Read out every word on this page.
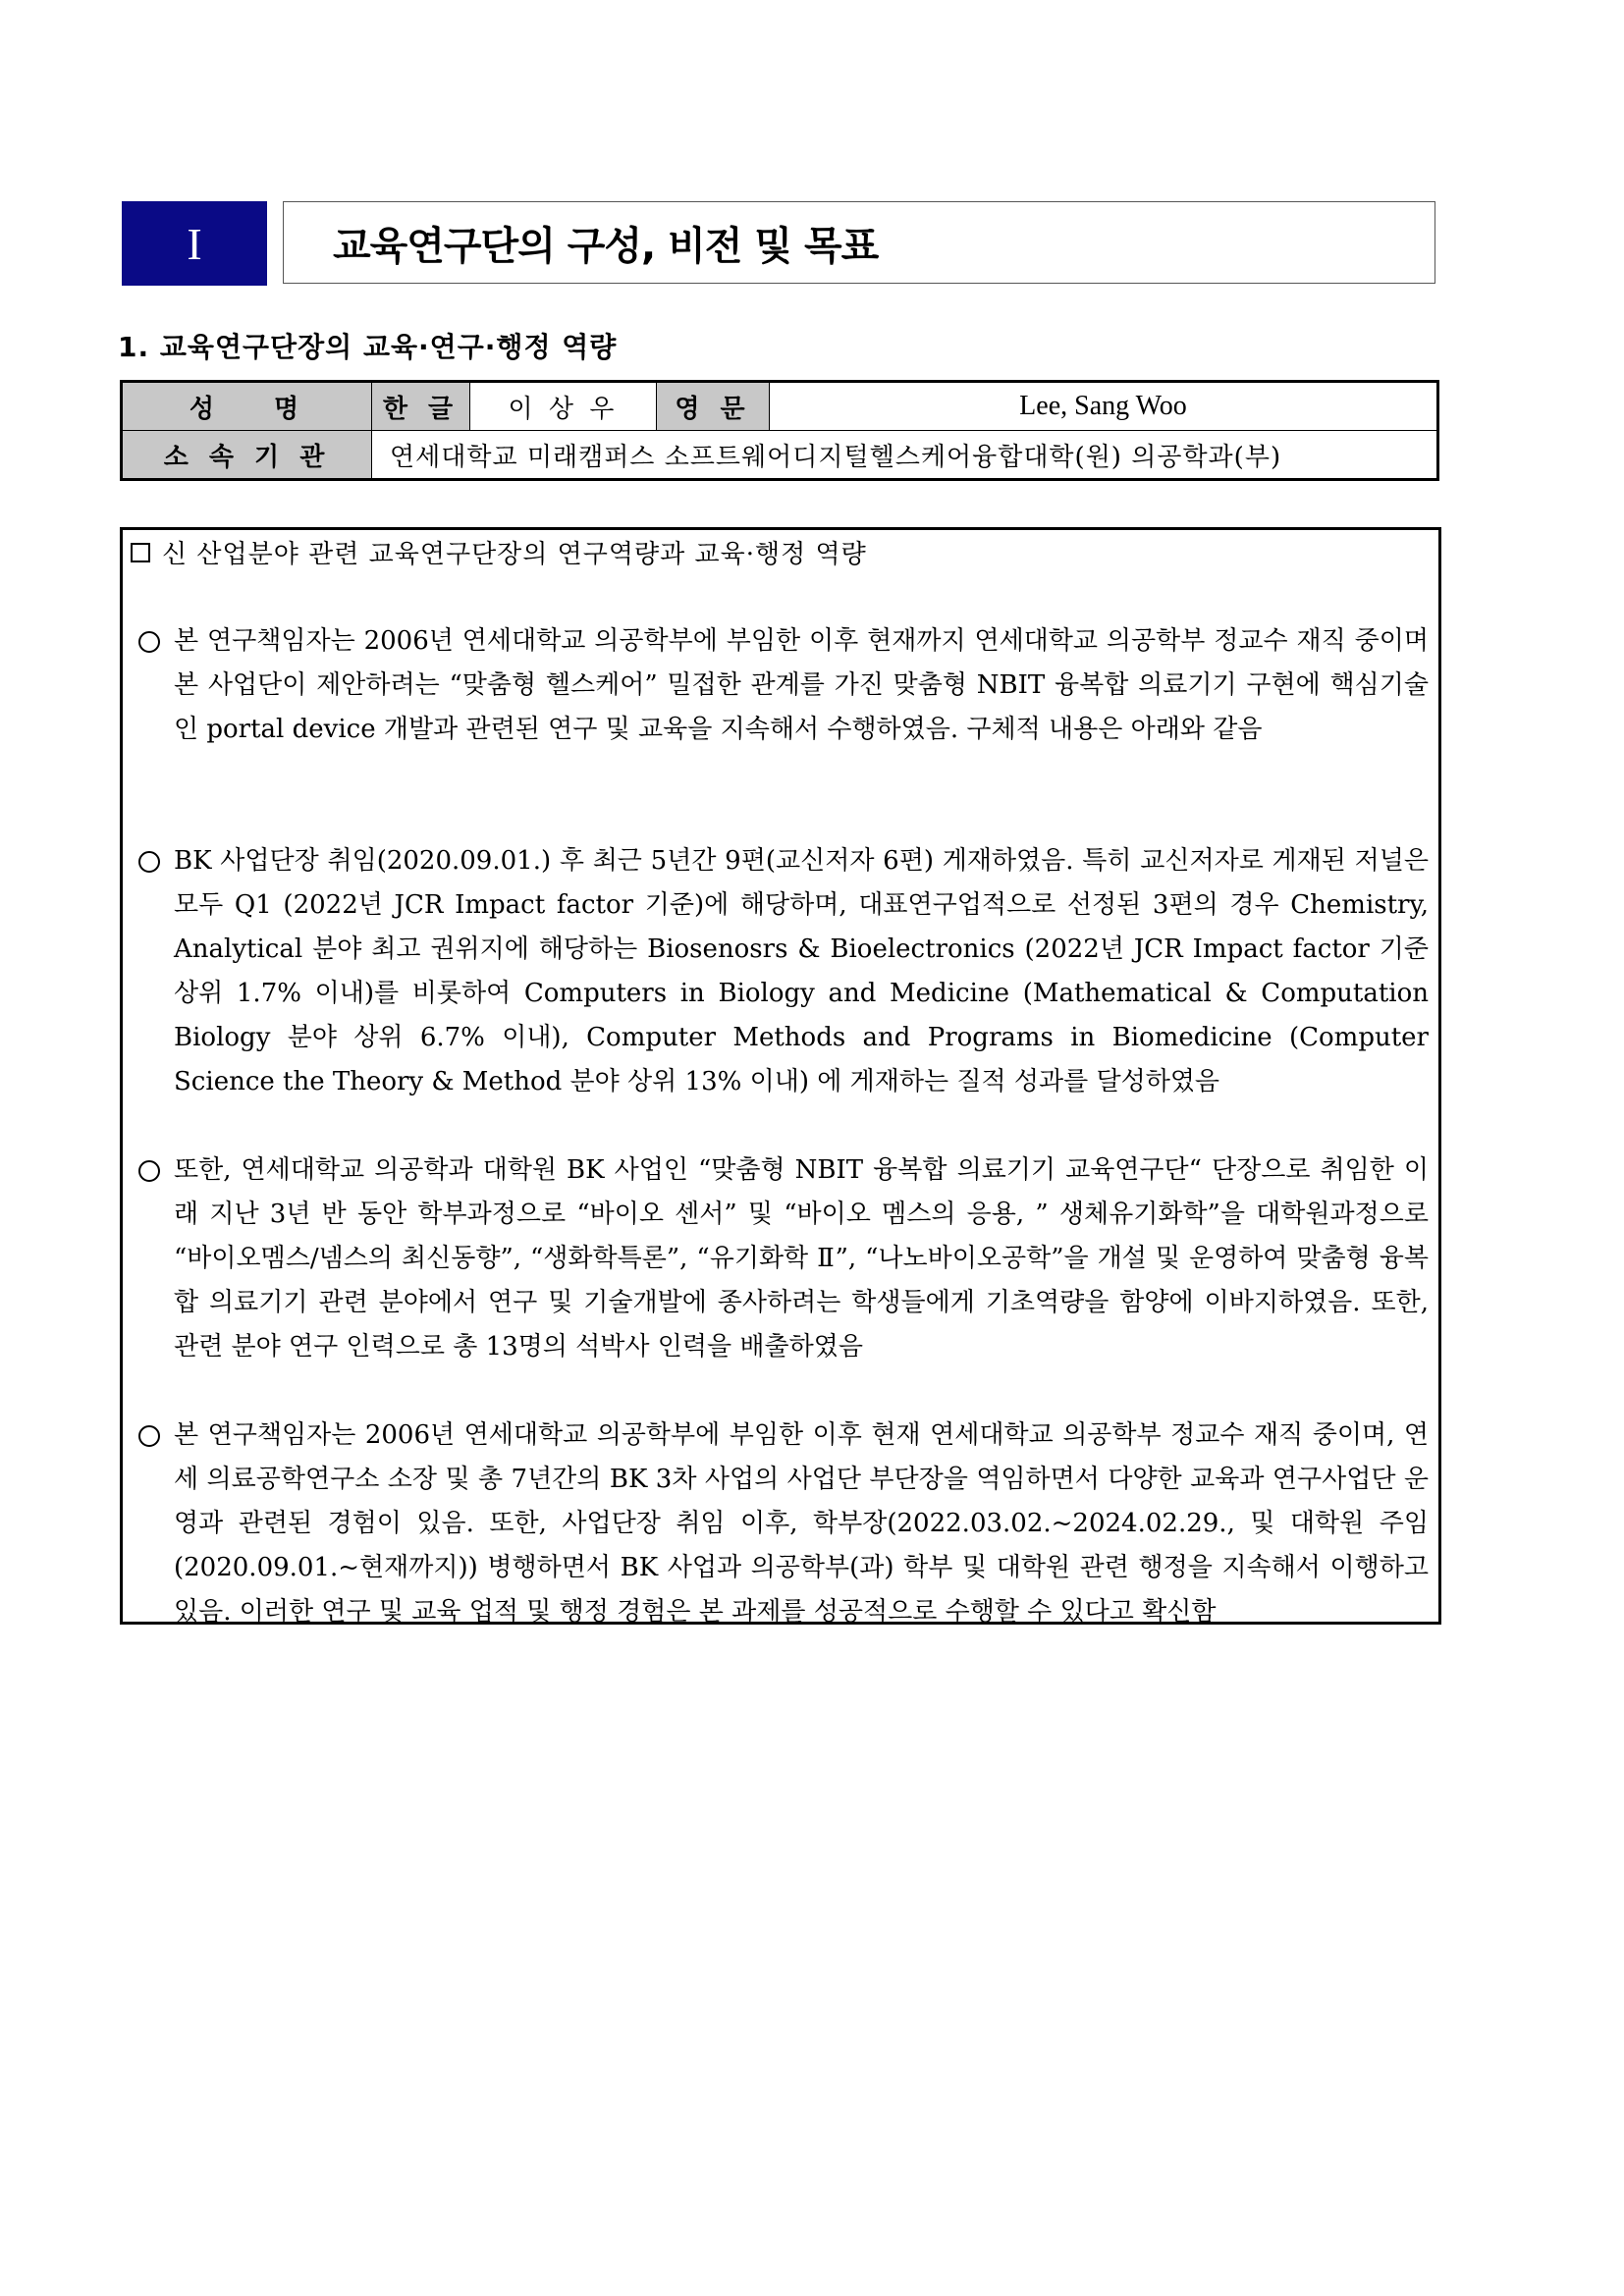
I	교육연구단의 구성, 비전 및 목표
1. 교육연구단장의 교육·연구·행정 역량
성 명	한 글	이 상 우	영 문	Lee, Sang Woo
소 속 기 관	연세대학교 미래캠퍼스 소프트웨어디지털헬스케어융합대학(원) 의공학과(부)			
신 산업분야 관련 교육연구단장의 연구역량과 교육·행정 역량
본 연구책임자는 2006년 연세대학교 의공학부에 부임한 이후 현재까지 연세대학교 의공학부 정교수 재직 중이며 본 사업단이 제안하려는 “맞춤형 헬스케어” 밀접한 관계를 가진 맞춤형 NBIT 융복합 의료기기 구현에 핵심기술인 portal device 개발과 관련된 연구 및 교육을 지속해서 수행하였음. 구체적 내용은 아래와 같음
BK 사업단장 취임(2020.09.01.) 후 최근 5년간 9편(교신저자 6편) 게재하였음. 특히 교신저자로 게재된 저널은 모두 Q1 (2022년 JCR Impact factor 기준)에 해당하며, 대표연구업적으로 선정된 3편의 경우 Chemistry, Analytical 분야 최고 권위지에 해당하는 Biosenosrs & Bioelectronics (2022년 JCR Impact factor 기준 상위 1.7% 이내)를 비롯하여 Computers in Biology and Medicine (Mathematical & Computation Biology 분야 상위 6.7% 이내), Computer Methods and Programs in Biomedicine (Computer Science the Theory & Method 분야 상위 13% 이내) 에 게재하는 질적 성과를 달성하였음
또한, 연세대학교 의공학과 대학원 BK 사업인 “맞춤형 NBIT 융복합 의료기기 교육연구단“ 단장으로 취임한 이래 지난 3년 반 동안 학부과정으로 “바이오 센서” 및 “바이오 멤스의 응용, ” 생체유기화학”을 대학원과정으로 “바이오멤스/넴스의 최신동향”, “생화학특론”, “유기화학 Ⅱ”, “나노바이오공학”을 개설 및 운영하여 맞춤형 융복합 의료기기 관련 분야에서 연구 및 기술개발에 종사하려는 학생들에게 기초역량을 함양에 이바지하였음. 또한, 관련 분야 연구 인력으로 총 13명의 석박사 인력을 배출하였음
본 연구책임자는 2006년 연세대학교 의공학부에 부임한 이후 현재 연세대학교 의공학부 정교수 재직 중이며, 연세 의료공학연구소 소장 및 총 7년간의 BK 3차 사업의 사업단 부단장을 역임하면서 다양한 교육과 연구사업단 운영과 관련된 경험이 있음. 또한, 사업단장 취임 이후, 학부장(2022.03.02.~2024.02.29., 및 대학원 주임 (2020.09.01.~현재까지)) 병행하면서 BK 사업과 의공학부(과) 학부 및 대학원 관련 행정을 지속해서 이행하고 있음. 이러한 연구 및 교육 업적 및 행정 경험은 본 과제를 성공적으로 수행할 수 있다고 확신함
